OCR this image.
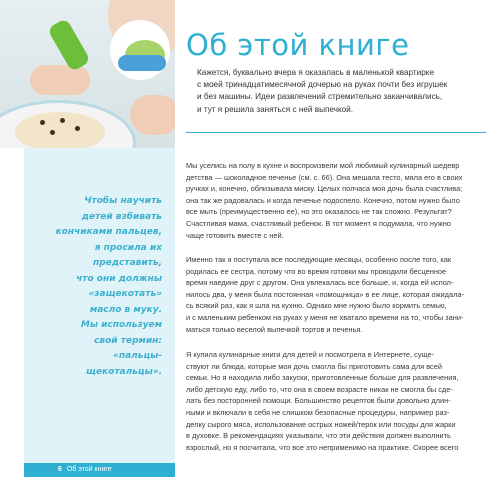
Чтобы научить
детей взбивать
кончиками пальцев,
я просила их
представить,
что они должны
«защекотать»
масло в муку.
Мы используем
свой термин:
«пальцы-
щекотальцы».
6 Об этой книге
Об этой книге
Кажется, буквально вчера я оказалась в маленькой квартирке
с моей тринадцатимесячной дочерью на руках почти без игрушек
и без машины. Идеи развлечений стремительно заканчивались,
и тут я решила заняться с ней выпечкой.
Мы уселись на полу в кухне и воспроизвели мой любимый кулинарный шедевр
детства — шоколадное печенье (см. с. 66). Она мешала тесто, мяла его в своих
ручках и, конечно, облизывала миску. Целых полчаса моя дочь была счастлива;
она так же радовалась и когда печенье подоспело. Конечно, потом нужно было
все мыть (преимущественно ее), но это оказалось не так сложно. Результат?
Счастливая мама, счастливый ребенок. В тот момент я подумала, что нужно
чаще готовить вместе с ней.
Именно так я поступала все последующие месяцы, особенно после того, как
родилась ее сестра, потому что во время готовки мы проводили бесценное
время наедине друг с другом. Она увлекалась все больше, и, когда ей испол-
нилось два, у меня была постоянная «помощница» в ее лице, которая ожидала-
сь всякий раз, как я шла на кухню. Однако мне нужно было кормить семью,
и с маленьким ребенком на руках у меня не хватало времени на то, чтобы зани-
маться только веселой выпечкой тортов и печенья.
Я купила кулинарные книги для детей и посмотрела в Интернете, суще-
ствуют ли блюда, которые моя дочь смогла бы приготовить сама для всей
семьи. Но я находила либо закуски, приготовленные больше для развлечения,
либо детскую еду, либо то, что она в своем возрасте никак не смогла бы сде-
лать без посторонней помощи. Большинство рецептов были довольно длин-
ными и включали в себя не слишком безопасные процедуры, например раз-
делку сырого мяса, использование острых ножей/терок или посуды для жарки
в духовке. В рекомендациях указывали, что эти действия должен выполнить
взрослый, но я посчитала, что все это неприменимо на практике. Скорее всего
